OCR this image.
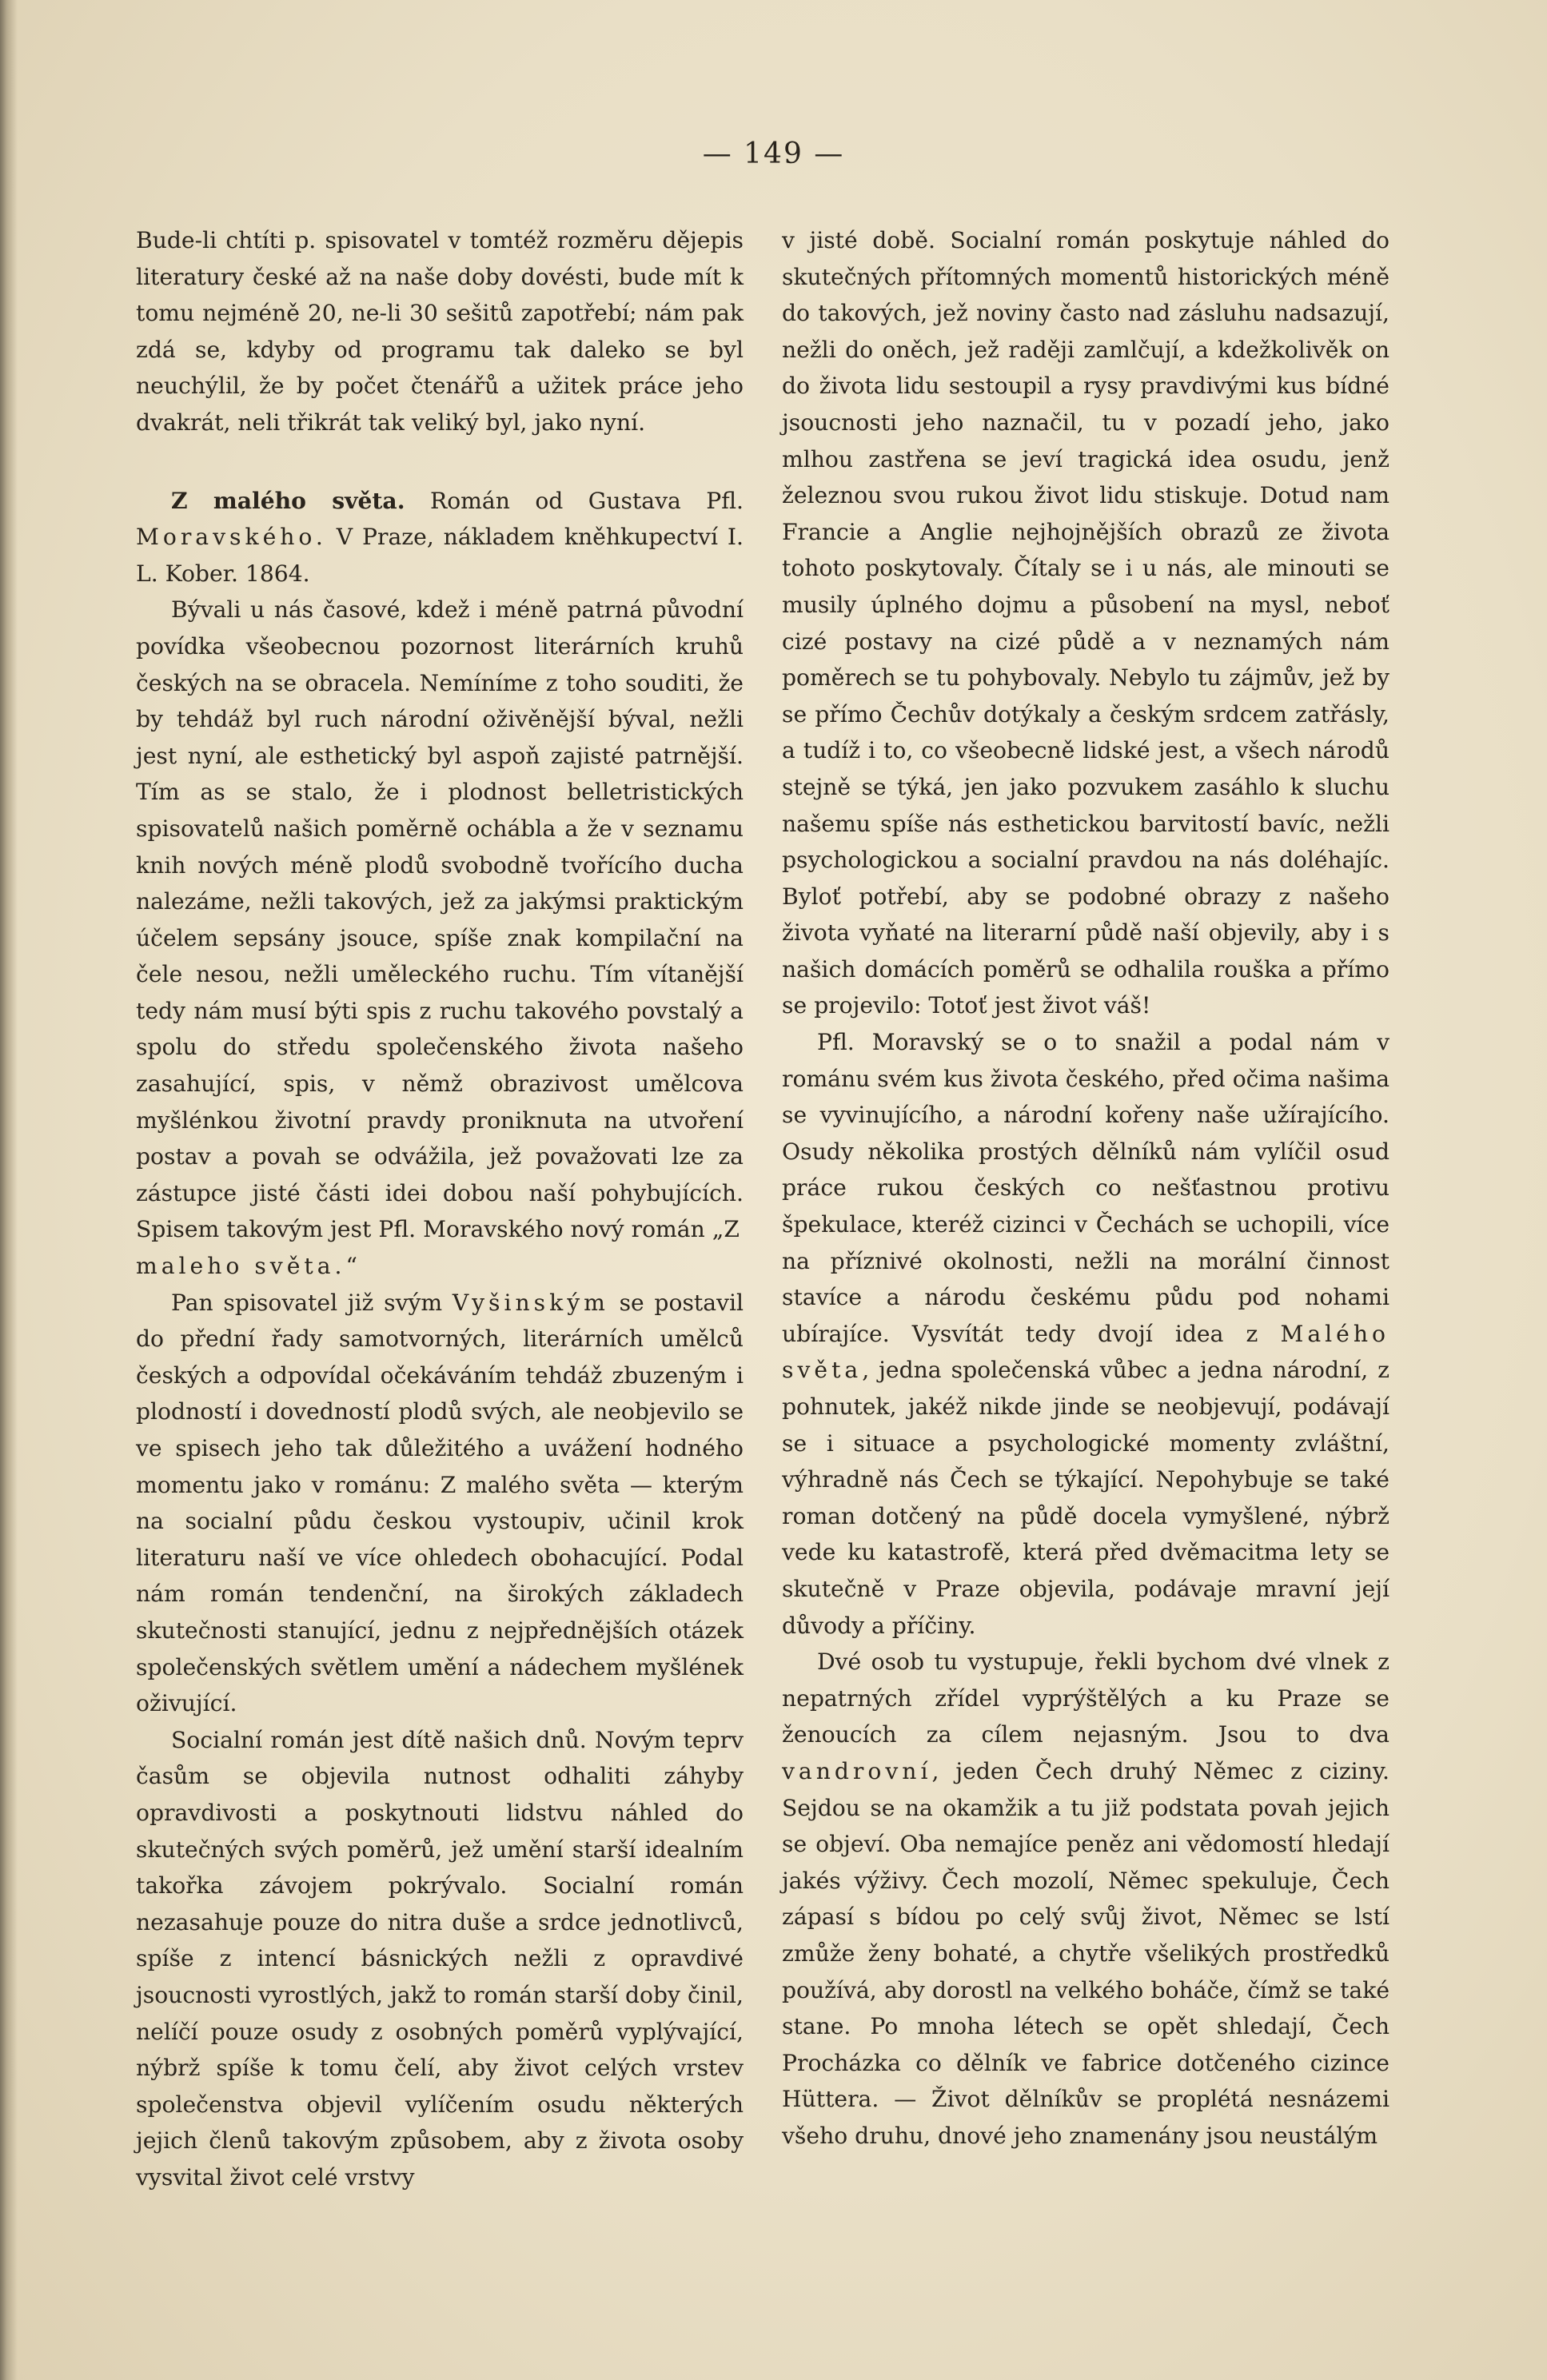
— 149 —

Bude-li chtíti p. spisovatel v tomtéž rozměru dějepis literatury české až na naše doby dovésti, bude mít k tomu nejméně 20, ne-li 30 sešitů zapotřebí; nám pak zdá se, kdyby od programu tak daleko se byl neuchýlil, že by počet čtenářů a užitek práce jeho dvakrát, neli třikrát tak veliký byl, jako nyní.

Z malého světa. Román od Gustava Pfl. Moravského. V Praze, nákladem kněhkupectví I. L. Kober. 1864.

Bývali u nás časové, kdež i méně patrná původní povídka všeobecnou pozornost literárních kruhů českých na se obracela. Nemíníme z toho souditi, že by tehdáž byl ruch národní oživěnější býval, nežli jest nyní, ale esthetický byl aspoň zajisté patrnější. Tím as se stalo, že i plodnost belletristických spisovatelů našich poměrně ochábla a že v seznamu knih nových méně plodů svobodně tvořícího ducha nalezáme, nežli takových, jež za jakýmsi praktickým účelem sepsány jsouce, spíše znak kompilační na čele nesou, nežli uměleckého ruchu. Tím vítanější tedy nám musí býti spis z ruchu takového povstalý a spolu do středu společenského života našeho zasahující, spis, v němž obrazivost umělcova myšlénkou životní pravdy proniknuta na utvoření postav a povah se odvážila, jež považovati lze za zástupce jisté části idei dobou naší pohybujících. Spisem takovým jest Pfl. Moravského nový román „Z maleho světa.“

Pan spisovatel již svým Vyšinským se postavil do přední řady samotvorných, literárních umělců českých a odpovídal očekáváním tehdáž zbuzeným i plodností i dovedností plodů svých, ale neobjevilo se ve spisech jeho tak důležitého a uvážení hodného momentu jako v románu: Z malého světa — kterým na socialní půdu českou vystoupiv, učinil krok literaturu naší ve více ohledech obohacující. Podal nám román tendenční, na širokých základech skutečnosti stanující, jednu z nejpřednějších otázek společenských světlem umění a nádechem myšlének oživující.

Socialní román jest dítě našich dnů. Novým teprv časům se objevila nutnost odhaliti záhyby opravdivosti a poskytnouti lidstvu náhled do skutečných svých poměrů, jež umění starší idealním takořka závojem pokrývalo. Socialní román nezasahuje pouze do nitra duše a srdce jednotlivců, spíše z intencí básnických nežli z opravdivé jsoucnosti vyrostlých, jakž to román starší doby činil, nelíčí pouze osudy z osobných poměrů vyplývající, nýbrž spíše k tomu čelí, aby život celých vrstev společenstva objevil vylíčením osudu některých jejich členů takovým způsobem, aby z života osoby vysvital život celé vrstvy

v jisté době. Socialní román poskytuje náhled do skutečných přítomných momentů historických méně do takových, jež noviny často nad zásluhu nadsazují, nežli do oněch, jež raději zamlčují, a kdežkolivěk on do života lidu sestoupil a rysy pravdivými kus bídné jsoucnosti jeho naznačil, tu v pozadí jeho, jako mlhou zastřena se jeví tragická idea osudu, jenž železnou svou rukou život lidu stiskuje. Dotud nam Francie a Anglie nejhojnějších obrazů ze života tohoto poskytovaly. Čítaly se i u nás, ale minouti se musily úplného dojmu a působení na mysl, neboť cizé postavy na cizé půdě a v neznamých nám poměrech se tu pohybovaly. Nebylo tu zájmův, jež by se přímo Čechův dotýkaly a českým srdcem zatřásly, a tudíž i to, co všeobecně lidské jest, a všech národů stejně se týká, jen jako pozvukem zasáhlo k sluchu našemu spíše nás esthetickou barvitostí bavíc, nežli psychologickou a socialní pravdou na nás doléhajíc. Byloť potřebí, aby se podobné obrazy z našeho života vyňaté na literarní půdě naší objevily, aby i s našich domácích poměrů se odhalila rouška a přímo se projevilo: Totoť jest život váš!

Pfl. Moravský se o to snažil a podal nám v románu svém kus života českého, před očima našima se vyvinujícího, a národní kořeny naše užírajícího. Osudy několika prostých dělníků nám vylíčil osud práce rukou českých co nešťastnou protivu špekulace, kteréž cizinci v Čechách se uchopili, více na příznivé okolnosti, nežli na morální činnost stavíce a národu českému půdu pod nohami ubírajíce. Vysvítát tedy dvojí idea z Malého světa, jedna společenská vůbec a jedna národní, z pohnutek, jakéž nikde jinde se neobjevují, podávají se i situace a psychologické momenty zvláštní, výhradně nás Čech se týkající. Nepohybuje se také roman dotčený na půdě docela vymyšlené, nýbrž vede ku katastrofě, která před dvěmacitma lety se skutečně v Praze objevila, podávaje mravní její důvody a příčiny.

Dvé osob tu vystupuje, řekli bychom dvé vlnek z nepatrných zřídel vyprýštělých a ku Praze se ženoucích za cílem nejasným. Jsou to dva vandrovní, jeden Čech druhý Němec z ciziny. Sejdou se na okamžik a tu již podstata povah jejich se objeví. Oba nemajíce peněz ani vědomostí hledají jakés výživy. Čech mozolí, Němec spekuluje, Čech zápasí s bídou po celý svůj život, Němec se lstí zmůže ženy bohaté, a chytře všelikých prostředků používá, aby dorostl na velkého boháče, čímž se také stane. Po mnoha létech se opět shledají, Čech Procházka co dělník ve fabrice dotčeného cizince Hüttera. — Život dělníkův se proplétá nesnázemi všeho druhu, dnové jeho znamenány jsou neustálým
